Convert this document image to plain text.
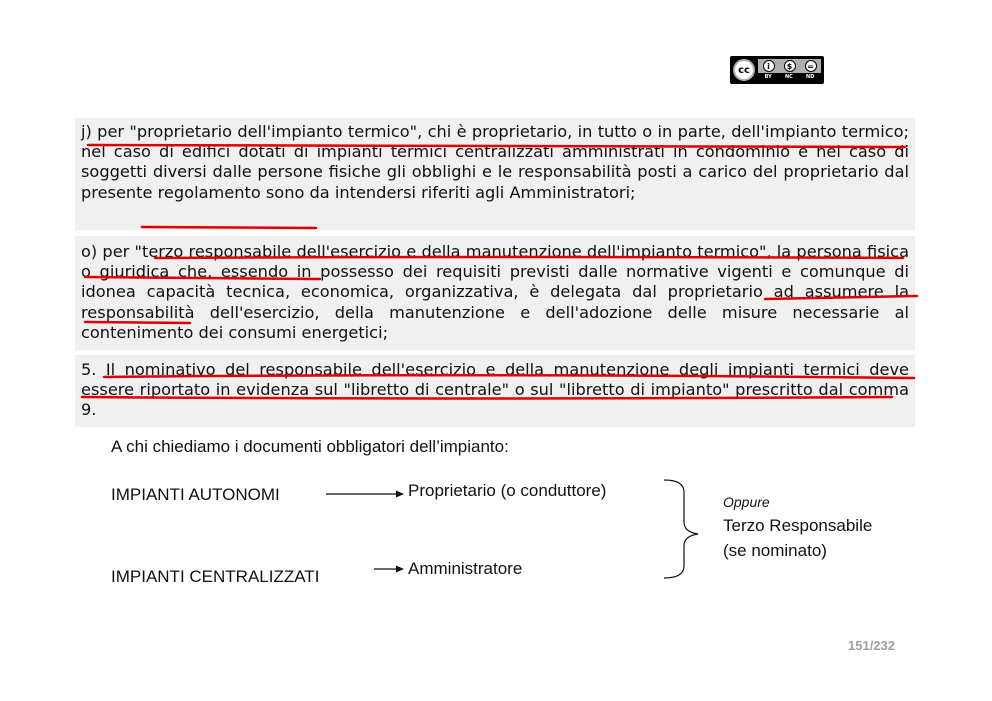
cc	i	$	=
BY	NC	ND

j) per "proprietario dell'impianto termico", chi è proprietario, in tutto o in parte, dell'impianto termico; nel caso di edifici dotati di impianti termici centralizzati amministrati in condominio e nel caso di soggetti diversi dalle persone fisiche gli obblighi e le responsabilità posti a carico del proprietario dal presente regolamento sono da intendersi riferiti agli Amministratori;

o) per "terzo responsabile dell'esercizio e della manutenzione dell'impianto termico", la persona fisica o giuridica che, essendo in possesso dei requisiti previsti dalle normative vigenti e comunque di idonea capacità tecnica, economica, organizzativa, è delegata dal proprietario ad assumere la responsabilità dell'esercizio, della manutenzione e dell'adozione delle misure necessarie al contenimento dei consumi energetici;

5. Il nominativo del responsabile dell'esercizio e della manutenzione degli impianti termici deve essere riportato in evidenza sul "libretto di centrale" o sul "libretto di impianto" prescritto dal comma 9.

A chi chiediamo i documenti obbligatori dell’impianto:
IMPIANTI AUTONOMI	Proprietario (o conduttore)
IMPIANTI CENTRALIZZATI	Amministratore
Oppure
Terzo Responsabile
(se nominato)
151/232
